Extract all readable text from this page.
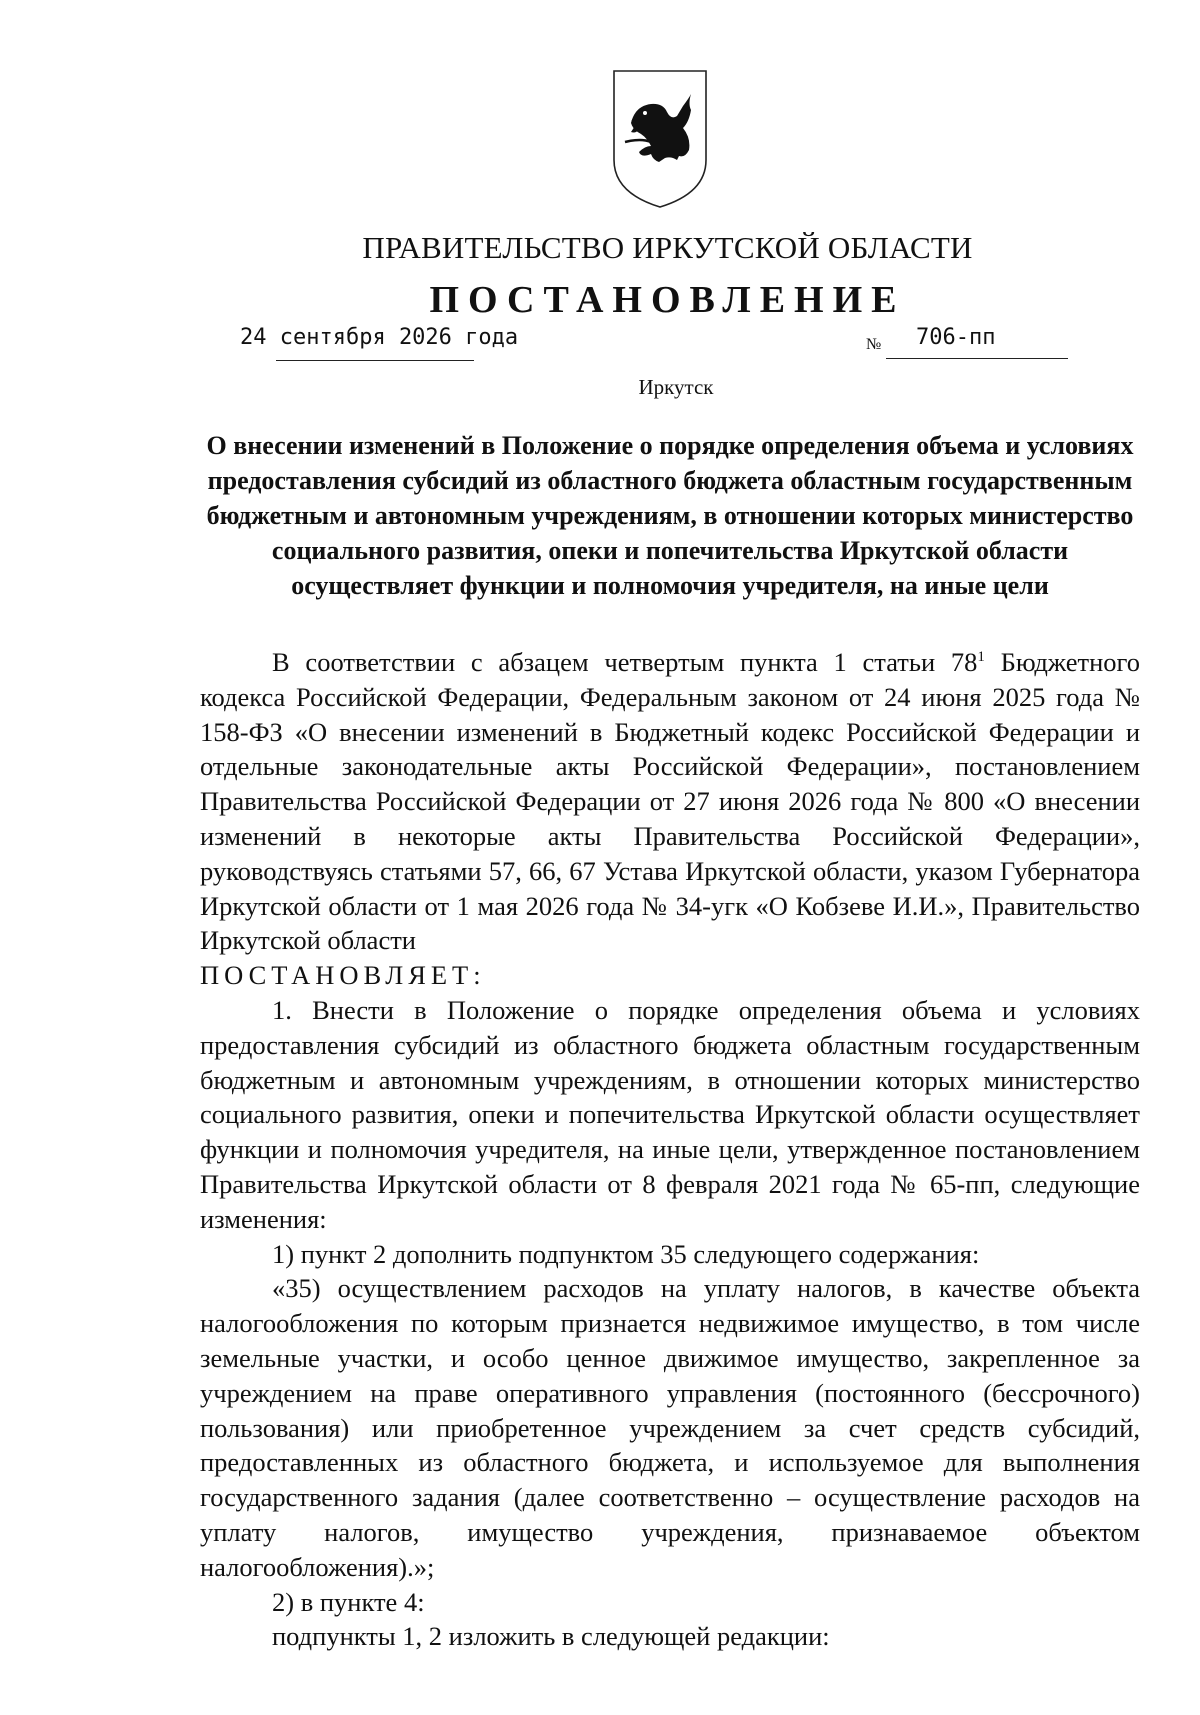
ПРАВИТЕЛЬСТВО ИРКУТСКОЙ ОБЛАСТИ
ПОСТАНОВЛЕНИЕ
24 сентября 2026 года	№ 706-пп
Иркутск
О внесении изменений в Положение о порядке определения объема и условиях предоставления субсидий из областного бюджета областным государственным бюджетным и автономным учреждениям, в отношении которых министерство социального развития, опеки и попечительства Иркутской области осуществляет функции и полномочия учредителя, на иные цели

В соответствии с абзацем четвертым пункта 1 статьи $78^1$ Бюджетного кодекса Российской Федерации, Федеральным законом от 24 июня 2025 года № 158-ФЗ «О внесении изменений в Бюджетный кодекс Российской Федерации и отдельные законодательные акты Российской Федерации», постановлением Правительства Российской Федерации от 27 июня 2026 года № 800 «О внесении изменений в некоторые акты Правительства Российской Федерации», руководствуясь статьями 57, 66, 67 Устава Иркутской области, указом Губернатора Иркутской области от 1 мая 2026 года № 34-угк «О Кобзеве И.И.», Правительство Иркутской области

ПОСТАНОВЛЯЕТ:

1. Внести в Положение о порядке определения объема и условиях предоставления субсидий из областного бюджета областным государственным бюджетным и автономным учреждениям, в отношении которых министерство социального развития, опеки и попечительства Иркутской области осуществляет функции и полномочия учредителя, на иные цели, утвержденное постановлением Правительства Иркутской области от 8 февраля 2021 года № 65-пп, следующие изменения:

1) пункт 2 дополнить подпунктом 35 следующего содержания:

«35) осуществлением расходов на уплату налогов, в качестве объекта налогообложения по которым признается недвижимое имущество, в том числе земельные участки, и особо ценное движимое имущество, закрепленное за учреждением на праве оперативного управления (постоянного (бессрочного) пользования) или приобретенное учреждением за счет средств субсидий, предоставленных из областного бюджета, и используемое для выполнения государственного задания (далее соответственно – осуществление расходов на уплату налогов, имущество учреждения, признаваемое объектом налогообложения).»;

2) в пункте 4:

подпункты 1, 2 изложить в следующей редакции:
